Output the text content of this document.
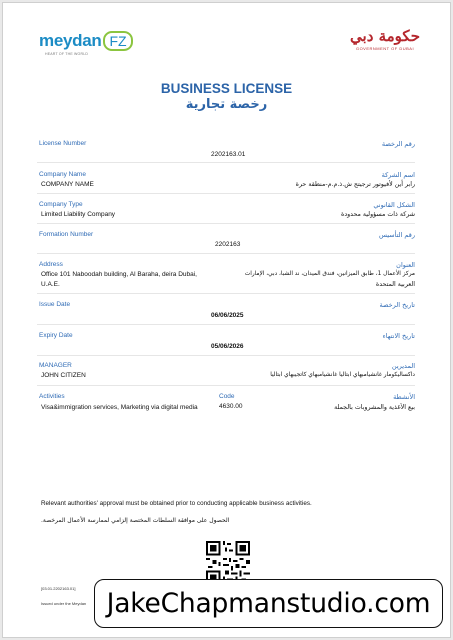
meydan FZ
HEART OF THE WORLD
حكومة دبي
GOVERNMENT OF DUBAI
BUSINESS LICENSE
رخصة تجارية
License Number	رقم الرخصة
2202163.01
Company Name	اسم الشركة
COMPANY NAME	رابر أين لأفيوتور ترجيتج ش.ذ.م.م-منطقة حرة
Company Type	الشكل القانوني
Limited Liability Company	شركة ذات مسؤولية محدودة
Formation Number	رقم التأسيس
2202163
Address	العنوان
Office 101 Naboodah building, Al Baraha, deira Dubai,
U.A.E.
مركز الأعمال 1، طابق الميزانين، فندق الميدان، ند الشبا، دبي، الإمارات
العربية المتحدة
Issue Date	تاريخ الرخصة
06/06/2025
Expiry Date	تاريخ الانتهاء
05/06/2026
MANAGER	المديرين
JOHN CITIZEN	داكساليكومار غانشيامبهاي ابتاليا غانشيامبهاي كاتجيبهاي ابتاليا
Activities	Code	الأنشطة
Visa&immigration services, Marketing via digital media	4630.00	بيع الأغذية والمشروبات بالجملة
Relevant authorities' approval must be obtained prior to conducting applicable business activities.
الحصول على موافقة السلطات المختصة إلزامي لممارسة الأعمال المرخصة.
[03.01.2202163.01]
Issued under the Meydan JakeChapmanstudio.com
